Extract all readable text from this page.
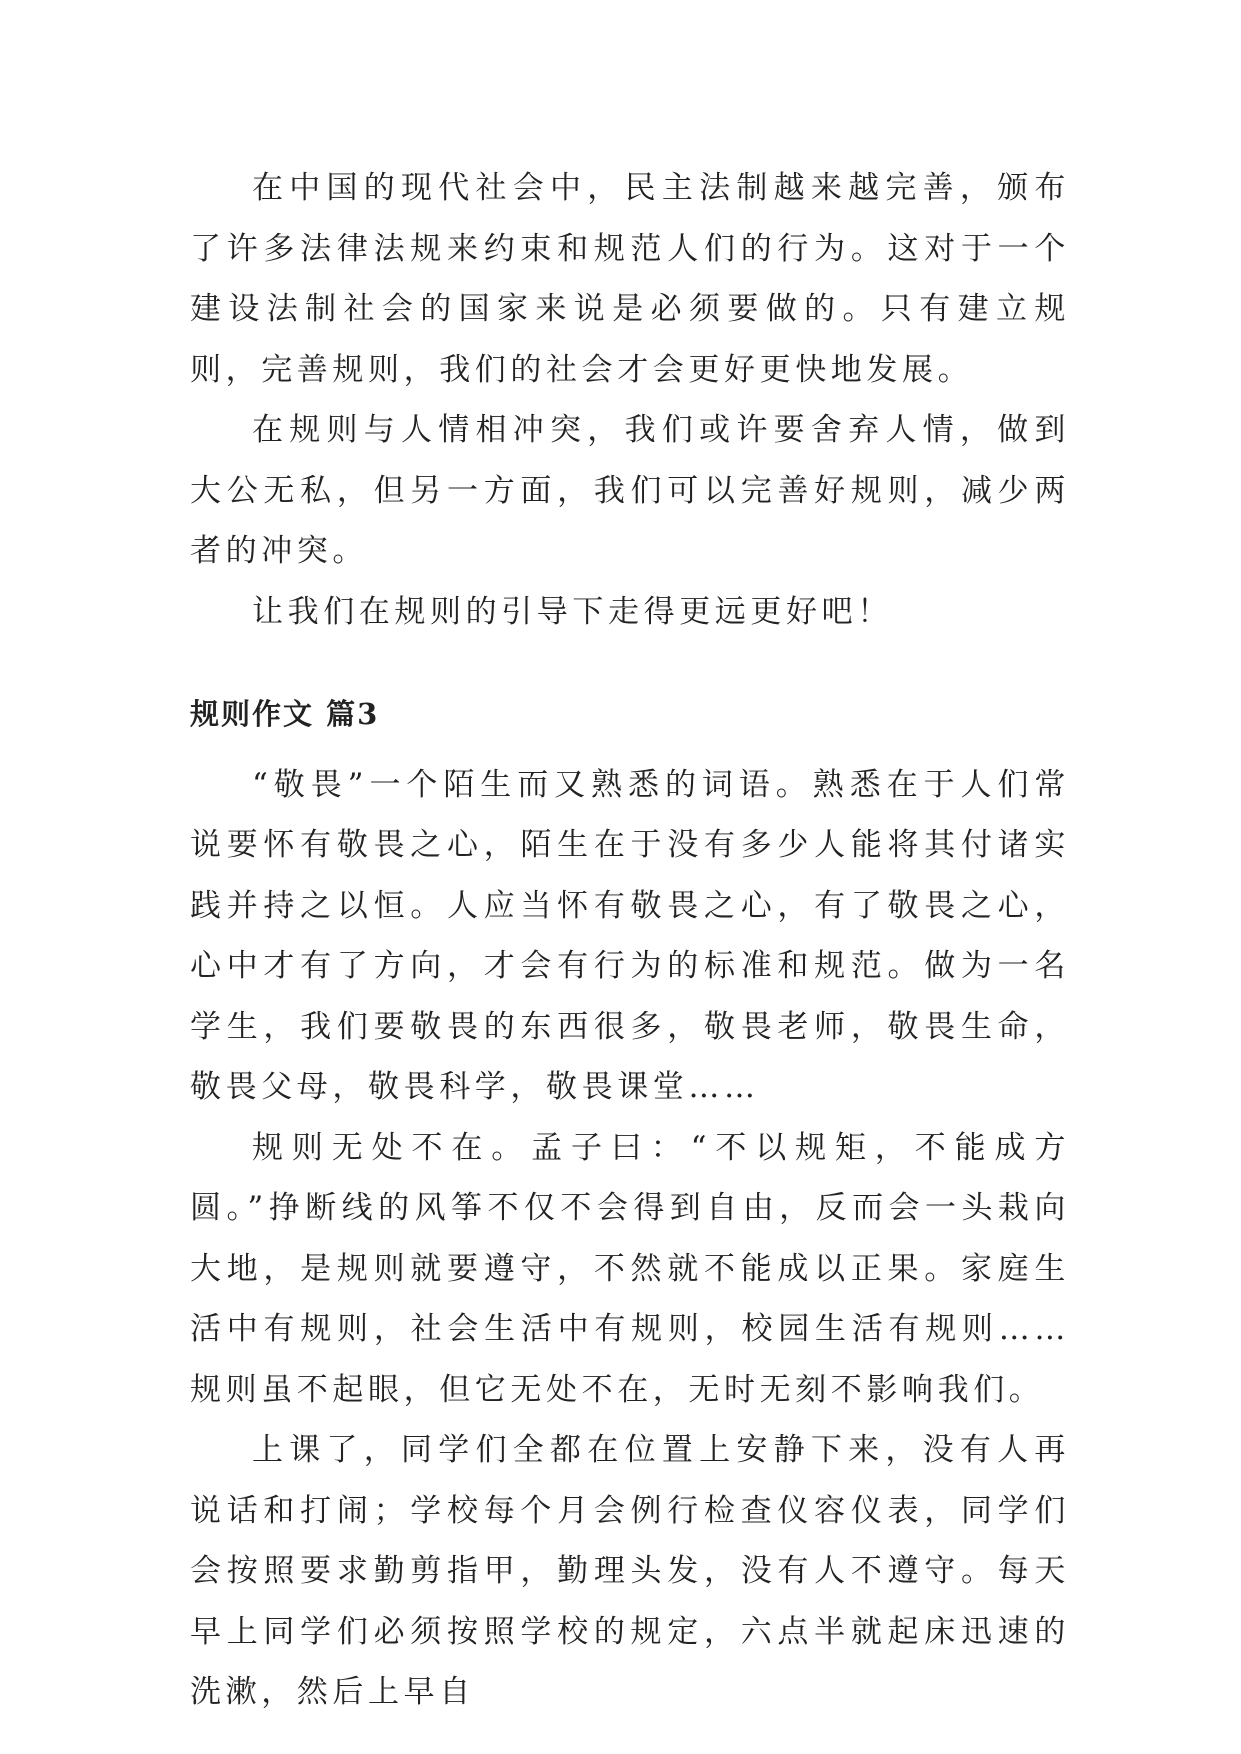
在中国的现代社会中，民主法制越来越完善，颁布了许多法律法规来约束和规范人们的行为。这对于一个建设法制社会的国家来说是必须要做的。只有建立规则，完善规则，我们的社会才会更好更快地发展。

在规则与人情相冲突，我们或许要舍弃人情，做到大公无私，但另一方面，我们可以完善好规则，减少两者的冲突。

让我们在规则的引导下走得更远更好吧！

规则作文 篇3

“敬畏”一个陌生而又熟悉的词语。熟悉在于人们常说要怀有敬畏之心，陌生在于没有多少人能将其付诸实践并持之以恒。人应当怀有敬畏之心，有了敬畏之心，心中才有了方向，才会有行为的标准和规范。做为一名学生，我们要敬畏的东西很多，敬畏老师，敬畏生命，敬畏父母，敬畏科学，敬畏课堂……

规则无处不在。孟子曰：“不以规矩，不能成方圆。”挣断线的风筝不仅不会得到自由，反而会一头栽向大地，是规则就要遵守，不然就不能成以正果。家庭生活中有规则，社会生活中有规则，校园生活有规则……规则虽不起眼，但它无处不在，无时无刻不影响我们。

上课了，同学们全都在位置上安静下来，没有人再说话和打闹；学校每个月会例行检查仪容仪表，同学们会按照要求勤剪指甲，勤理头发，没有人不遵守。每天早上同学们必须按照学校的规定，六点半就起床迅速的洗漱，然后上早自
